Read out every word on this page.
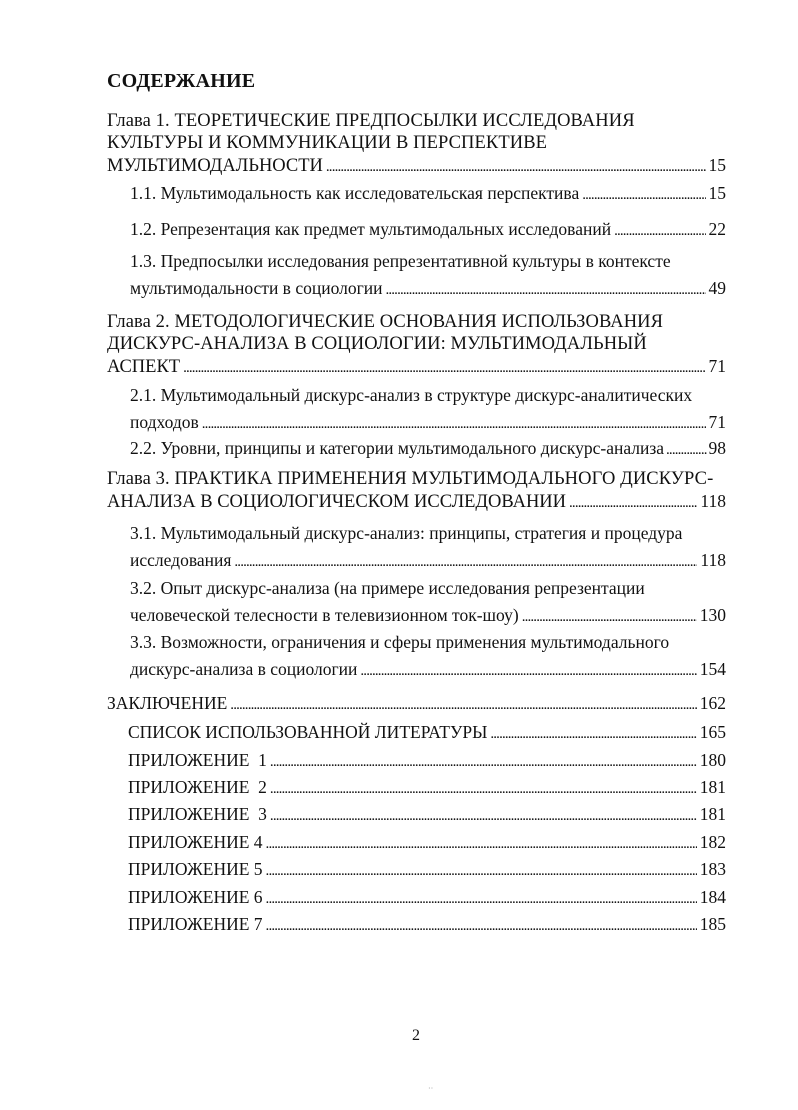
СОДЕРЖАНИЕ
Глава 1. ТЕОРЕТИЧЕСКИЕ ПРЕДПОСЫЛКИ ИССЛЕДОВАНИЯ
КУЛЬТУРЫ И КОММУНИКАЦИИ В ПЕРСПЕКТИВЕ
МУЛЬТИМОДАЛЬНОСТИ . . .	15
1.1. Мультимодальность как исследовательская перспектива . . .	15
1.2. Репрезентация как предмет мультимодальных исследований . . .	22
1.3. Предпосылки исследования репрезентативной культуры в контексте
мультимодальности в социологии . . .	49
Глава 2. МЕТОДОЛОГИЧЕСКИЕ ОСНОВАНИЯ ИСПОЛЬЗОВАНИЯ
ДИСКУРС-АНАЛИЗА В СОЦИОЛОГИИ: МУЛЬТИМОДАЛЬНЫЙ
АСПЕКТ . . .	71
2.1. Мультимодальный дискурс-анализ в структуре дискурс-аналитических
подходов . . .	71
2.2. Уровни, принципы и категории мультимодального дискурс-анализа . . .	98
Глава 3. ПРАКТИКА ПРИМЕНЕНИЯ МУЛЬТИМОДАЛЬНОГО ДИСКУРС-
АНАЛИЗА В СОЦИОЛОГИЧЕСКОМ ИССЛЕДОВАНИИ . . .	118
3.1. Мультимодальный дискурс-анализ: принципы, стратегия и процедура
исследования . . .	118
3.2. Опыт дискурс-анализа (на примере исследования репрезентации
человеческой телесности в телевизионном ток-шоу) . . .	130
3.3. Возможности, ограничения и сферы применения мультимодального
дискурс-анализа в социологии . . .	154
ЗАКЛЮЧЕНИЕ . . .	162
СПИСОК ИСПОЛЬЗОВАННОЙ ЛИТЕРАТУРЫ . . .	165
ПРИЛОЖЕНИЕ  1 . . .	180
ПРИЛОЖЕНИЕ  2 . . .	181
ПРИЛОЖЕНИЕ  3 . . .	181
ПРИЛОЖЕНИЕ 4 . . .	182
ПРИЛОЖЕНИЕ 5 . . .	183
ПРИЛОЖЕНИЕ 6 . . .	184
ПРИЛОЖЕНИЕ 7 . . .	185
2
··
